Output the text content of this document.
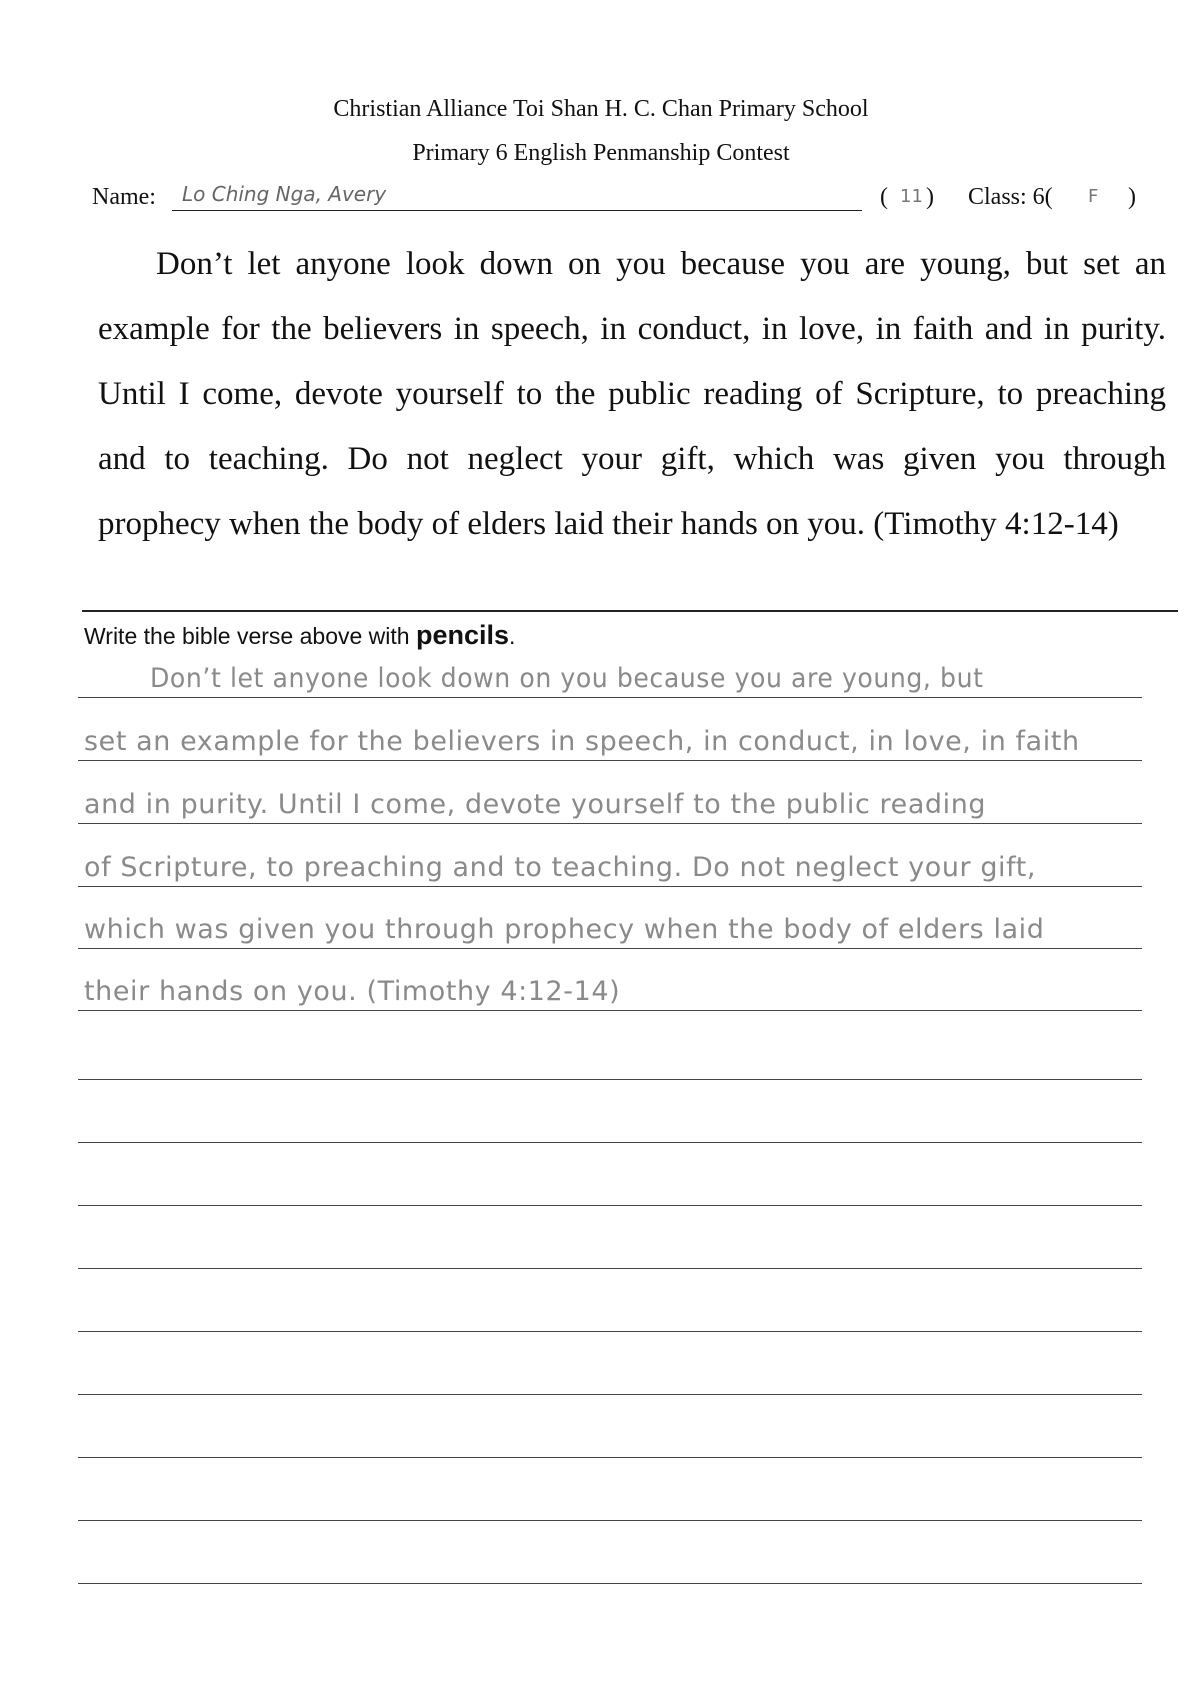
Christian Alliance Toi Shan H. C. Chan Primary School
Primary 6 English Penmanship Contest
Name: Lo Ching Nga, Avery	( 11 ) Class: 6( F )

Don’t let anyone look down on you because you are young, but set an example for the believers in speech, in conduct, in love, in faith and in purity. Until I come, devote yourself to the public reading of Scripture, to preaching and to teaching. Do not neglect your gift, which was given you through prophecy when the body of elders laid their hands on you. (Timothy 4:12-14)

Write the bible verse above with pencils.
Don’t let anyone look down on you because you are young, but
set an example for the believers in speech, in conduct, in love, in faith
and in purity. Until I come, devote yourself to the public reading
of Scripture, to preaching and to teaching. Do not neglect your gift,
which was given you through prophecy when the body of elders laid
their hands on you. (Timothy 4:12-14)
